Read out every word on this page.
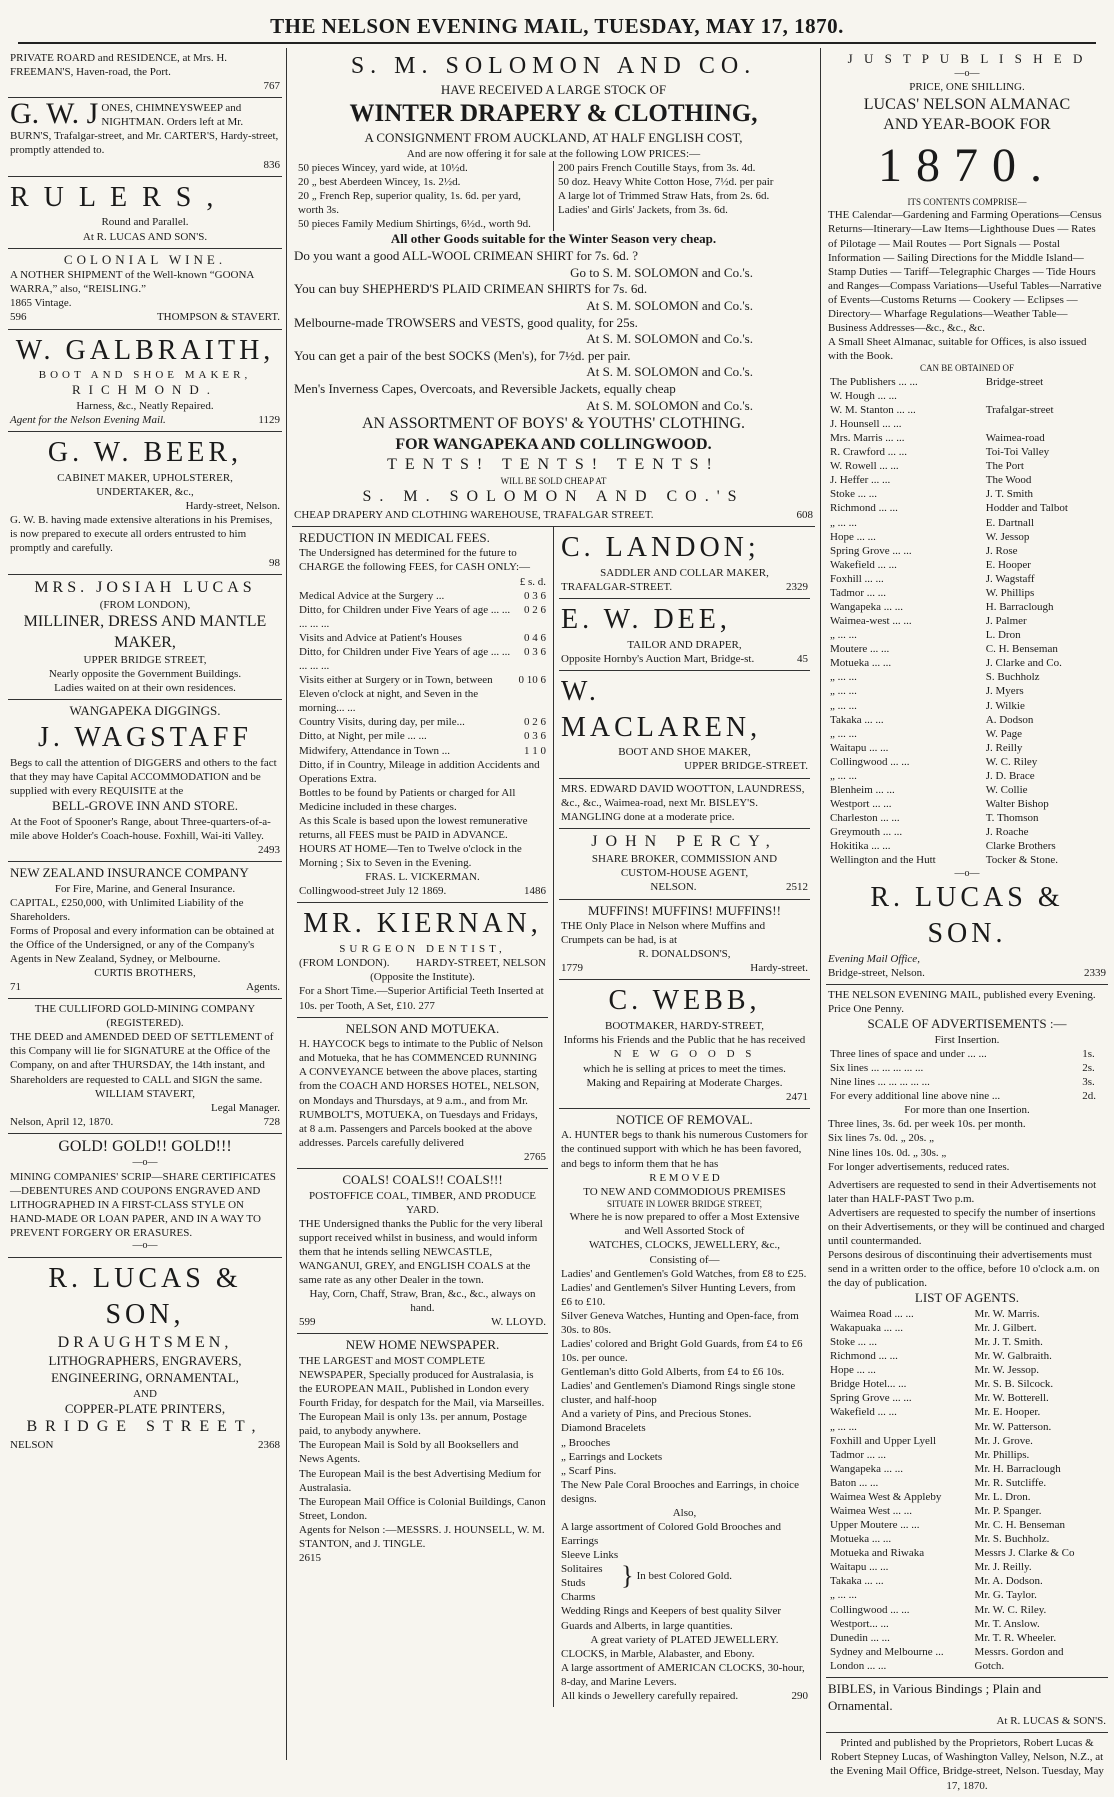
THE NELSON EVENING MAIL, TUESDAY, MAY 17, 1870.
PRIVATE ROARD and RESIDENCE, at Mrs. H. FREEMAN'S, Haven-road, the Port.
767
G. W. J ONES, CHIMNEYSWEEP and NIGHTMAN. Orders left at Mr. BURN'S, Trafalgar-street, and Mr. CARTER'S, Hardy-street, promptly attended to.
836
R U L E R S ,
Round and Parallel.
At R. LUCAS AND SON'S.
COLONIAL WINE.
A NOTHER SHIPMENT of the Well-known “GOONA WARRA,” also, “REISLING.”
1865 Vintage.
596	THOMPSON & STAVERT.
W. GALBRAITH,
BOOT AND SHOE MAKER,
RICHMOND.
Harness, &c., Neatly Repaired.
Agent for the Nelson Evening Mail.	1129
G. W. BEER,
CABINET MAKER, UPHOLSTERER,
UNDERTAKER, &c.,
Hardy-street, Nelson.
G. W. B. having made extensive alterations in his Premises, is now prepared to execute all orders entrusted to him promptly and carefully.
98
MRS. JOSIAH LUCAS
(FROM LONDON),
MILLINER, DRESS AND MANTLE
MAKER,
UPPER BRIDGE STREET,
Nearly opposite the Government Buildings.
Ladies waited on at their own residences.
WANGAPEKA DIGGINGS.
J. WAGSTAFF
Begs to call the attention of DIGGERS and others to the fact that they may have Capital ACCOMMODATION and be supplied with every REQUISITE at the
BELL-GROVE INN AND STORE.
At the Foot of Spooner's Range, about Three-quarters-of-a-mile above Holder's Coach-house. Foxhill, Wai-iti Valley.
2493
NEW ZEALAND INSURANCE COMPANY
For Fire, Marine, and General Insurance.
CAPITAL, £250,000, with Unlimited Liability of the Shareholders.
Forms of Proposal and every information can be obtained at the Office of the Undersigned, or any of the Company's Agents in New Zealand, Sydney, or Melbourne.
CURTIS BROTHERS,
71	Agents.
THE CULLIFORD GOLD-MINING COMPANY (REGISTERED).
THE DEED and AMENDED DEED OF SETTLEMENT of this Company will lie for SIGNATURE at the Office of the Company, on and after THURSDAY, the 14th instant, and Shareholders are requested to CALL and SIGN the same.
WILLIAM STAVERT,
Legal Manager.
Nelson, April 12, 1870.	728
GOLD! GOLD!! GOLD!!!
—o—
MINING COMPANIES' SCRIP—SHARE CERTIFICATES—DEBENTURES AND COUPONS ENGRAVED AND LITHOGRAPHED IN A FIRST-CLASS STYLE ON HAND-MADE OR LOAN PAPER, AND IN A WAY TO PREVENT FORGERY OR ERASURES.
—o—
R. LUCAS & SON,
DRAUGHTSMEN,
LITHOGRAPHERS, ENGRAVERS,
ENGINEERING, ORNAMENTAL,
AND
COPPER-PLATE PRINTERS,
BRIDGE STREET,
NELSON	2368
S. M. SOLOMON AND CO.
HAVE RECEIVED A LARGE STOCK OF
WINTER DRAPERY & CLOTHING,
A CONSIGNMENT FROM AUCKLAND, AT HALF ENGLISH COST,
And are now offering it for sale at the following LOW PRICES:—
50 pieces Wincey, yard wide, at 10½d.
20 „ best Aberdeen Wincey, 1s. 2½d.
20 „ French Rep, superior quality, 1s. 6d. per yard, worth 3s.
50 pieces Family Medium Shirtings, 6½d., worth 9d.
200 pairs French Coutille Stays, from 3s. 4d.
50 doz. Heavy White Cotton Hose, 7½d. per pair
A large lot of Trimmed Straw Hats, from 2s. 6d.
Ladies' and Girls' Jackets, from 3s. 6d.
All other Goods suitable for the Winter Season very cheap.
Do you want a good ALL-WOOL CRIMEAN SHIRT for 7s. 6d. ?
Go to S. M. SOLOMON and Co.'s.
You can buy SHEPHERD'S PLAID CRIMEAN SHIRTS for 7s. 6d.
At S. M. SOLOMON and Co.'s.
Melbourne-made TROWSERS and VESTS, good quality, for 25s.
At S. M. SOLOMON and Co.'s.
You can get a pair of the best SOCKS (Men's), for 7½d. per pair.
At S. M. SOLOMON and Co.'s.
Men's Inverness Capes, Overcoats, and Reversible Jackets, equally cheap
At S. M. SOLOMON and Co.'s.
AN ASSORTMENT OF BOYS' & YOUTHS' CLOTHING.
FOR WANGAPEKA AND COLLINGWOOD.
TENTS! TENTS! TENTS!
WILL BE SOLD CHEAP AT
S. M. SOLOMON AND CO.'S
CHEAP DRAPERY AND CLOTHING WAREHOUSE, TRAFALGAR STREET.	608
REDUCTION IN MEDICAL FEES.
The Undersigned has determined for the future to CHARGE the following FEES, for CASH ONLY:—
£ s. d.
Medical Advice at the Surgery ...	0 3 6
Ditto, for Children under Five Years of age ... ... ... ... ...
0 2 6
Visits and Advice at Patient's Houses	0 4 6
Ditto, for Children under Five Years of age ... ... ... ... ...
0 3 6
Visits either at Surgery or in Town, between Eleven o'clock at night, and Seven in the morning... ...
0 10 6
Country Visits, during day, per mile...	0 2 6
Ditto, at Night, per mile ... ...	0 3 6
Midwifery, Attendance in Town ...	1 1 0
Ditto, if in Country, Mileage in addition Accidents and Operations Extra.
Bottles to be found by Patients or charged for All Medicine included in these charges.
As this Scale is based upon the lowest remunerative returns, all FEES must be PAID in ADVANCE.
HOURS AT HOME—Ten to Twelve o'clock in the Morning ; Six to Seven in the Evening.
FRAS. L. VICKERMAN.
Collingwood-street July 12 1869.	1486
MR. KIERNAN,
SURGEON DENTIST,
(FROM LONDON). HARDY-STREET, NELSON
(Opposite the Institute).
For a Short Time.—Superior Artificial Teeth Inserted at 10s. per Tooth, A Set, £10. 277
NELSON AND MOTUEKA.
H. HAYCOCK begs to intimate to the Public of Nelson and Motueka, that he has COMMENCED RUNNING A CONVEYANCE between the above places, starting from the COACH AND HORSES HOTEL, NELSON, on Mondays and Thursdays, at 9 a.m., and from Mr. RUMBOLT'S, MOTUEKA, on Tuesdays and Fridays, at 8 a.m. Passengers and Parcels booked at the above addresses. Parcels carefully delivered
2765
COALS! COALS!! COALS!!!
POSTOFFICE COAL, TIMBER, AND PRODUCE YARD.
THE Undersigned thanks the Public for the very liberal support received whilst in business, and would inform them that he intends selling NEWCASTLE, WANGANUI, GREY, and ENGLISH COALS at the same rate as any other Dealer in the town.
Hay, Corn, Chaff, Straw, Bran, &c., &c., always on hand.
599	W. LLOYD.
NEW HOME NEWSPAPER.
THE LARGEST and MOST COMPLETE NEWSPAPER, Specially produced for Australasia, is the EUROPEAN MAIL, Published in London every Fourth Friday, for despatch for the Mail, via Marseilles.
The European Mail is only 13s. per annum, Postage paid, to anybody anywhere.
The European Mail is Sold by all Booksellers and News Agents.
The European Mail is the best Advertising Medium for Australasia.
The European Mail Office is Colonial Buildings, Canon Street, London.
Agents for Nelson :—MESSRS. J. HOUNSELL, W. M. STANTON, and J. TINGLE.
2615
C. LANDON;
SADDLER AND COLLAR MAKER,
TRAFALGAR-STREET.	2329
E. W. DEE,
TAILOR AND DRAPER,
Opposite Hornby's Auction Mart, Bridge-st.	45
W. MACLAREN,
BOOT AND SHOE MAKER,
UPPER BRIDGE-STREET.
MRS. EDWARD DAVID WOOTTON, LAUNDRESS, &c., &c., Waimea-road, next Mr. BISLEY'S. MANGLING done at a moderate price.
JOHN PERCY,
SHARE BROKER, COMMISSION AND
CUSTOM-HOUSE AGENT,
NELSON.	2512
MUFFINS! MUFFINS! MUFFINS!!
THE Only Place in Nelson where Muffins and Crumpets can be had, is at
R. DONALDSON'S,
1779	Hardy-street.
C. WEBB,
BOOTMAKER, HARDY-STREET,
Informs his Friends and the Public that he has received
N E W G O O D S
which he is selling at prices to meet the times.
Making and Repairing at Moderate Charges.
2471
NOTICE OF REMOVAL.
A. HUNTER begs to thank his numerous Customers for the continued support with which he has been favored, and begs to inform them that he has
R E M O V E D
TO NEW AND COMMODIOUS PREMISES
SITUATE IN LOWER BRIDGE STREET,
Where he is now prepared to offer a Most Extensive and Well Assorted Stock of
WATCHES, CLOCKS, JEWELLERY, &c.,
Consisting of—
Ladies' and Gentlemen's Gold Watches, from £8 to £25.
Ladies' and Gentlemen's Silver Hunting Levers, from £6 to £10.
Silver Geneva Watches, Hunting and Open-face, from 30s. to 80s.
Ladies' colored and Bright Gold Guards, from £4 to £6 10s. per ounce.
Gentleman's ditto Gold Alberts, from £4 to £6 10s.
Ladies' and Gentlemen's Diamond Rings single stone cluster, and half-hoop
And a variety of Pins, and Precious Stones.
Diamond Bracelets
„ Brooches
„ Earrings and Lockets
„ Scarf Pins.
The New Pale Coral Brooches and Earrings, in choice designs.
Also,
A large assortment of Colored Gold Brooches and Earrings
Sleeve Links
Solitaires
Studs
Charms
} In best Colored Gold.
Wedding Rings and Keepers of best quality Silver Guards and Alberts, in large quantities.
A great variety of PLATED JEWELLERY.
CLOCKS, in Marble, Alabaster, and Ebony.
A large assortment of AMERICAN CLOCKS, 30-hour, 8-day, and Marine Levers.
All kinds o Jewellery carefully repaired.	290
J U S T P U B L I S H E D
—o—
PRICE, ONE SHILLING.
LUCAS' NELSON ALMANAC
AND YEAR-BOOK FOR
1870.
ITS CONTENTS COMPRISE—
THE Calendar—Gardening and Farming Operations—Census Returns—Itinerary—Law Items—Lighthouse Dues — Rates of Pilotage — Mail Routes — Port Signals — Postal Information — Sailing Directions for the Middle Island—Stamp Duties — Tariff—Telegraphic Charges — Tide Hours and Ranges—Compass Variations—Useful Tables—Narrative of Events—Customs Returns — Cookery — Eclipses — Directory— Wharfage Regulations—Weather Table—Business Addresses—&c., &c., &c.
A Small Sheet Almanac, suitable for Offices, is also issued with the Book.
CAN BE OBTAINED OF
The Publishers ... ...	Bridge-street
W. Hough ... ...	
W. M. Stanton ... ...	Trafalgar-street
J. Hounsell ... ...	
Mrs. Marris ... ...	Waimea-road
R. Crawford ... ...	Toi-Toi Valley
W. Rowell ... ...	The Port
J. Heffer ... ...	The Wood
Stoke ... ...	J. T. Smith
Richmond ... ...	Hodder and Talbot
„ ... ...	E. Dartnall
Hope ... ...	W. Jessop
Spring Grove ... ...	J. Rose
Wakefield ... ...	E. Hooper
Foxhill ... ...	J. Wagstaff
Tadmor ... ...	W. Phillips
Wangapeka ... ...	H. Barraclough
Waimea-west ... ...	J. Palmer
„ ... ...	L. Dron
Moutere ... ...	C. H. Benseman
Motueka ... ...	J. Clarke and Co.
„ ... ...	S. Buchholz
„ ... ...	J. Myers
„ ... ...	J. Wilkie
Takaka ... ...	A. Dodson
„ ... ...	W. Page
Waitapu ... ...	J. Reilly
Collingwood ... ...	W. C. Riley
„ ... ...	J. D. Brace
Blenheim ... ...	W. Collie
Westport ... ...	Walter Bishop
Charleston ... ...	T. Thomson
Greymouth ... ...	J. Roache
Hokitika ... ...	Clarke Brothers
Wellington and the Hutt	Tocker & Stone.
—o—
R. LUCAS & SON.
Evening Mail Office,
Bridge-street, Nelson.	2339
THE NELSON EVENING MAIL, published every Evening. Price One Penny.
SCALE OF ADVERTISEMENTS :—
First Insertion.
Three lines of space and under ... ...	1s.
Six lines ... ... ... ... ...	2s.
Nine lines ... ... ... ... ...	3s.
For every additional line above nine ...	2d.
For more than one Insertion.
Three lines, 3s. 6d. per week 10s. per month.
Six lines 7s. 0d. „ 20s. „
Nine lines 10s. 0d. „ 30s. „
For longer advertisements, reduced rates.
Advertisers are requested to send in their Advertisements not later than HALF-PAST Two p.m.
Advertisers are requested to specify the number of insertions on their Advertisements, or they will be continued and charged until countermanded.
Persons desirous of discontinuing their advertisements must send in a written order to the office, before 10 o'clock a.m. on the day of publication.
LIST OF AGENTS.
Waimea Road ... ...	Mr. W. Marris.
Wakapuaka ... ...	Mr. J. Gilbert.
Stoke ... ...	Mr. J. T. Smith.
Richmond ... ...	Mr. W. Galbraith.
Hope ... ...	Mr. W. Jessop.
Bridge Hotel... ...	Mr. S. B. Silcock.
Spring Grove ... ...	Mr. W. Botterell.
Wakefield ... ...	Mr. E. Hooper.
„ ... ...	Mr. W. Patterson.
Foxhill and Upper Lyell	Mr. J. Grove.
Tadmor ... ...	Mr. Phillips.
Wangapeka ... ...	Mr. H. Barraclough
Baton ... ...	Mr. R. Sutcliffe.
Waimea West & Appleby	Mr. L. Dron.
Waimea West ... ...	Mr. P. Spanger.
Upper Moutere ... ...	Mr. C. H. Benseman
Motueka ... ...	Mr. S. Buchholz.
Motueka and Riwaka	Messrs J. Clarke & Co
Waitapu ... ...	Mr. J. Reilly.
Takaka ... ...	Mr. A. Dodson.
„ ... ...	Mr. G. Taylor.
Collingwood ... ...	Mr. W. C. Riley.
Westport... ...	Mr. T. Anslow.
Dunedin ... ...	Mr. T. R. Wheeler.
Sydney and Melbourne ...	Messrs. Gordon and
London ... ...	Gotch.
BIBLES, in Various Bindings ; Plain and Ornamental.
At R. LUCAS & SON'S.
Printed and published by the Proprietors, Robert Lucas & Robert Stepney Lucas, of Washington Valley, Nelson, N.Z., at the Evening Mail Office, Bridge-street, Nelson. Tuesday, May 17, 1870.
